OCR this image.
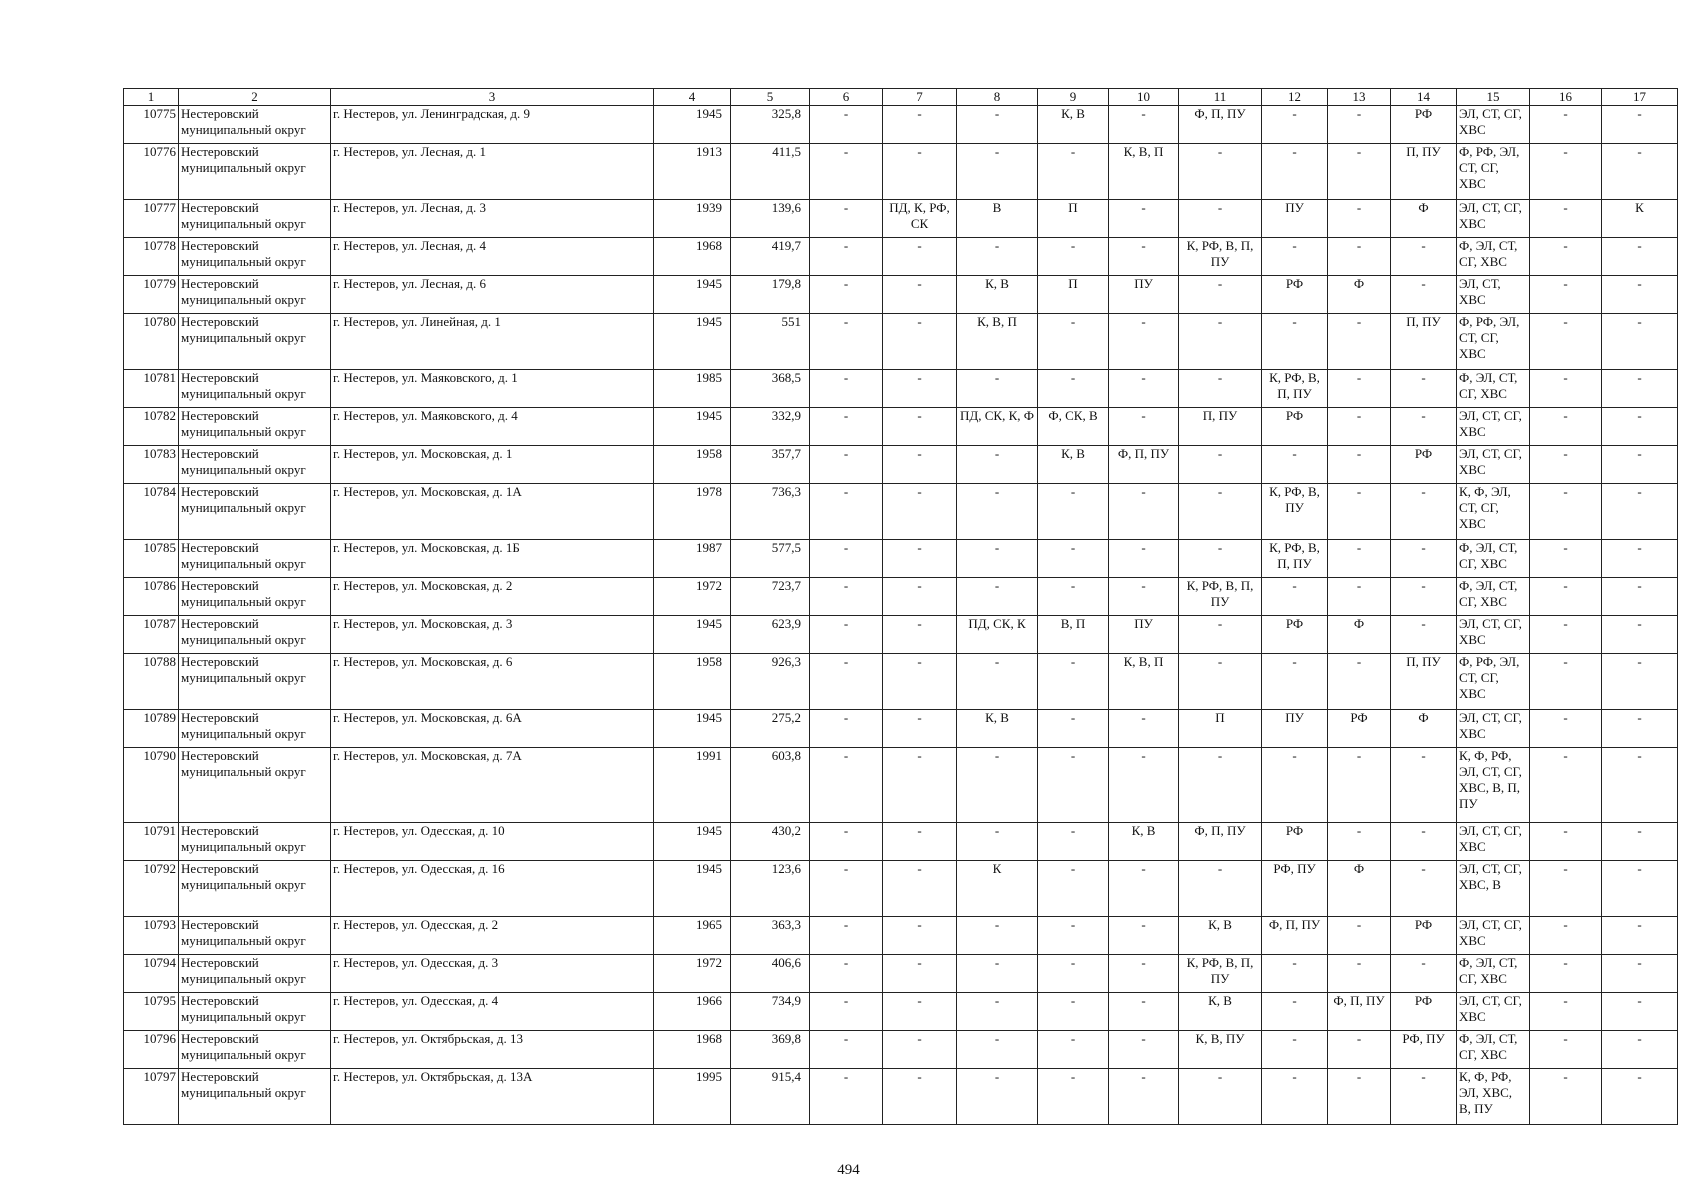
1	2	3	4	5	6	7	8	9	10	11	12	13	14	15	16	17
10775	Нестеровский муниципальный округ	г. Нестеров, ул. Ленинградская, д. 9	1945	325,8	-	-	-	К, В	-	Ф, П, ПУ	-	-	РФ	ЭЛ, СТ, СГ, ХВС	-	-
10776	Нестеровский муниципальный округ	г. Нестеров, ул. Лесная, д. 1	1913	411,5	-	-	-	-	К, В, П	-	-	-	П, ПУ	Ф, РФ, ЭЛ, СТ, СГ, ХВС	-	-
10777	Нестеровский муниципальный округ	г. Нестеров, ул. Лесная, д. 3	1939	139,6	-	ПД, К, РФ, СК	В	П	-	-	ПУ	-	Ф	ЭЛ, СТ, СГ, ХВС	-	К
10778	Нестеровский муниципальный округ	г. Нестеров, ул. Лесная, д. 4	1968	419,7	-	-	-	-	-	К, РФ, В, П, ПУ	-	-	-	Ф, ЭЛ, СТ, СГ, ХВС	-	-
10779	Нестеровский муниципальный округ	г. Нестеров, ул. Лесная, д. 6	1945	179,8	-	-	К, В	П	ПУ	-	РФ	Ф	-	ЭЛ, СТ, ХВС	-	-
10780	Нестеровский муниципальный округ	г. Нестеров, ул. Линейная, д. 1	1945	551	-	-	К, В, П	-	-	-	-	-	П, ПУ	Ф, РФ, ЭЛ, СТ, СГ, ХВС	-	-
10781	Нестеровский муниципальный округ	г. Нестеров, ул. Маяковского, д. 1	1985	368,5	-	-	-	-	-	-	К, РФ, В, П, ПУ	-	-	Ф, ЭЛ, СТ, СГ, ХВС	-	-
10782	Нестеровский муниципальный округ	г. Нестеров, ул. Маяковского, д. 4	1945	332,9	-	-	ПД, СК, К, Ф	Ф, СК, В	-	П, ПУ	РФ	-	-	ЭЛ, СТ, СГ, ХВС	-	-
10783	Нестеровский муниципальный округ	г. Нестеров, ул. Московская, д. 1	1958	357,7	-	-	-	К, В	Ф, П, ПУ	-	-	-	РФ	ЭЛ, СТ, СГ, ХВС	-	-
10784	Нестеровский муниципальный округ	г. Нестеров, ул. Московская, д. 1А	1978	736,3	-	-	-	-	-	-	К, РФ, В, ПУ	-	-	К, Ф, ЭЛ, СТ, СГ, ХВС	-	-
10785	Нестеровский муниципальный округ	г. Нестеров, ул. Московская, д. 1Б	1987	577,5	-	-	-	-	-	-	К, РФ, В, П, ПУ	-	-	Ф, ЭЛ, СТ, СГ, ХВС	-	-
10786	Нестеровский муниципальный округ	г. Нестеров, ул. Московская, д. 2	1972	723,7	-	-	-	-	-	К, РФ, В, П, ПУ	-	-	-	Ф, ЭЛ, СТ, СГ, ХВС	-	-
10787	Нестеровский муниципальный округ	г. Нестеров, ул. Московская, д. 3	1945	623,9	-	-	ПД, СК, К	В, П	ПУ	-	РФ	Ф	-	ЭЛ, СТ, СГ, ХВС	-	-
10788	Нестеровский муниципальный округ	г. Нестеров, ул. Московская, д. 6	1958	926,3	-	-	-	-	К, В, П	-	-	-	П, ПУ	Ф, РФ, ЭЛ, СТ, СГ, ХВС	-	-
10789	Нестеровский муниципальный округ	г. Нестеров, ул. Московская, д. 6А	1945	275,2	-	-	К, В	-	-	П	ПУ	РФ	Ф	ЭЛ, СТ, СГ, ХВС	-	-
10790	Нестеровский муниципальный округ	г. Нестеров, ул. Московская, д. 7А	1991	603,8	-	-	-	-	-	-	-	-	-	К, Ф, РФ, ЭЛ, СТ, СГ, ХВС, В, П, ПУ	-	-
10791	Нестеровский муниципальный округ	г. Нестеров, ул. Одесская, д. 10	1945	430,2	-	-	-	-	К, В	Ф, П, ПУ	РФ	-	-	ЭЛ, СТ, СГ, ХВС	-	-
10792	Нестеровский муниципальный округ	г. Нестеров, ул. Одесская, д. 16	1945	123,6	-	-	К	-	-	-	РФ, ПУ	Ф	-	ЭЛ, СТ, СГ, ХВС, В	-	-
10793	Нестеровский муниципальный округ	г. Нестеров, ул. Одесская, д. 2	1965	363,3	-	-	-	-	-	К, В	Ф, П, ПУ	-	РФ	ЭЛ, СТ, СГ, ХВС	-	-
10794	Нестеровский муниципальный округ	г. Нестеров, ул. Одесская, д. 3	1972	406,6	-	-	-	-	-	К, РФ, В, П, ПУ	-	-	-	Ф, ЭЛ, СТ, СГ, ХВС	-	-
10795	Нестеровский муниципальный округ	г. Нестеров, ул. Одесская, д. 4	1966	734,9	-	-	-	-	-	К, В	-	Ф, П, ПУ	РФ	ЭЛ, СТ, СГ, ХВС	-	-
10796	Нестеровский муниципальный округ	г. Нестеров, ул. Октябрьская, д. 13	1968	369,8	-	-	-	-	-	К, В, ПУ	-	-	РФ, ПУ	Ф, ЭЛ, СТ, СГ, ХВС	-	-
10797	Нестеровский муниципальный округ	г. Нестеров, ул. Октябрьская, д. 13А	1995	915,4	-	-	-	-	-	-	-	-	-	К, Ф, РФ, ЭЛ, ХВС, В, ПУ	-	-
494
